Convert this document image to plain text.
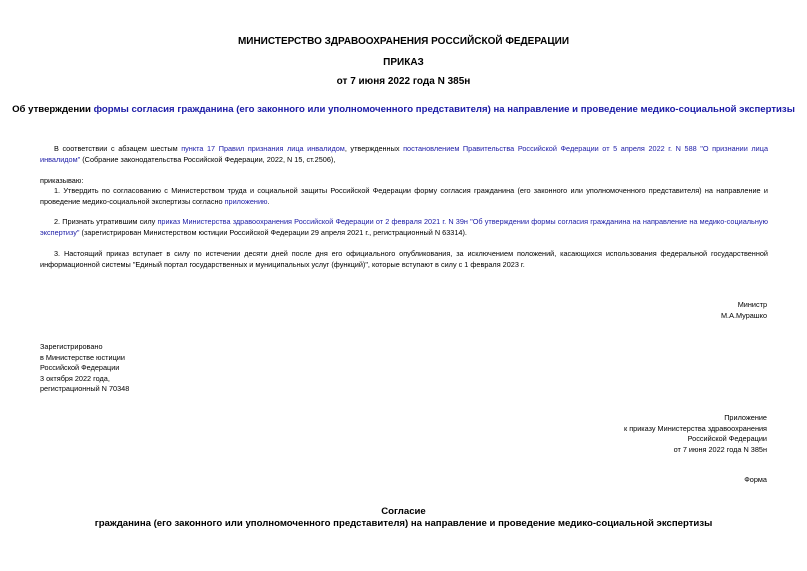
МИНИСТЕРСТВО ЗДРАВООХРАНЕНИЯ РОССИЙСКОЙ ФЕДЕРАЦИИ
ПРИКАЗ
от 7 июня 2022 года N 385н
Об утверждении формы согласия гражданина (его законного или уполномоченного представителя) на направление и проведение медико-социальной экспертизы
В соответствии с абзацем шестым пункта 17 Правил признания лица инвалидом, утвержденных постановлением Правительства Российской Федерации от 5 апреля 2022 г. N 588 "О признании лица инвалидом" (Собрание законодательства Российской Федерации, 2022, N 15, ст.2506),
приказываю:
1. Утвердить по согласованию с Министерством труда и социальной защиты Российской Федерации форму согласия гражданина (его законного или уполномоченного представителя) на направление и проведение медико-социальной экспертизы согласно приложению.
2. Признать утратившим силу приказ Министерства здравоохранения Российской Федерации от 2 февраля 2021 г. N 39н "Об утверждении формы согласия гражданина на направление на медико-социальную экспертизу" (зарегистрирован Министерством юстиции Российской Федерации 29 апреля 2021 г., регистрационный N 63314).
3. Настоящий приказ вступает в силу по истечении десяти дней после дня его официального опубликования, за исключением положений, касающихся использования федеральной государственной информационной системы "Единый портал государственных и муниципальных услуг (функций)", которые вступают в силу с 1 февраля 2023 г.
Министр
М.А.Мурашко
Зарегистрировано
в Министерстве юстиции
Российской Федерации
3 октября 2022 года,
регистрационный N 70348
Приложение
к приказу Министерства здравоохранения
Российской Федерации
от 7 июня 2022 года N 385н
Форма
Согласие
гражданина (его законного или уполномоченного представителя) на направление и проведение медико-социальной экспертизы
